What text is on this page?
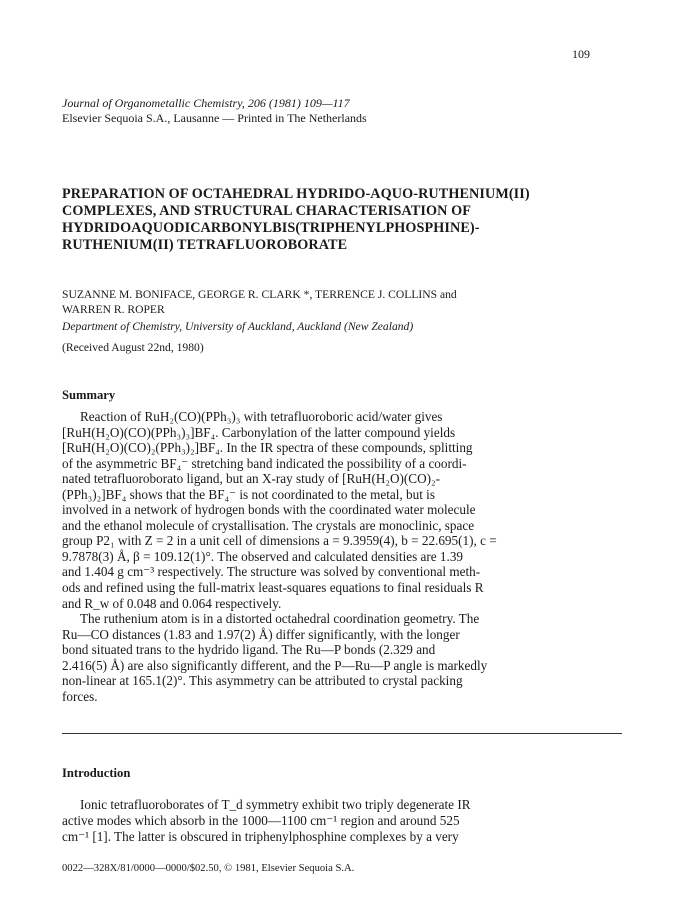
109
Journal of Organometallic Chemistry, 206 (1981) 109—117
Elsevier Sequoia S.A., Lausanne — Printed in The Netherlands
PREPARATION OF OCTAHEDRAL HYDRIDO-AQUO-RUTHENIUM(II)
COMPLEXES, AND STRUCTURAL CHARACTERISATION OF
HYDRIDOAQUODICARBONYLBIS(TRIPHENYLPHOSPHINE)-
RUTHENIUM(II) TETRAFLUOROBORATE
SUZANNE M. BONIFACE, GEORGE R. CLARK *, TERRENCE J. COLLINS and
WARREN R. ROPER
Department of Chemistry, University of Auckland, Auckland (New Zealand)
(Received August 22nd, 1980)
Summary
Reaction of RuH₂(CO)(PPh₃)₃ with tetrafluoroboric acid/water gives
[RuH(H₂O)(CO)(PPh₃)₃]BF₄. Carbonylation of the latter compound yields
[RuH(H₂O)(CO)₂(PPh₃)₂]BF₄. In the IR spectra of these compounds, splitting
of the asymmetric BF₄⁻ stretching band indicated the possibility of a coordi-
nated tetrafluoroborato ligand, but an X-ray study of [RuH(H₂O)(CO)₂-
(PPh₃)₂]BF₄ shows that the BF₄⁻ is not coordinated to the metal, but is
involved in a network of hydrogen bonds with the coordinated water molecule
and the ethanol molecule of crystallisation. The crystals are monoclinic, space
group P2₁ with Z = 2 in a unit cell of dimensions a = 9.3959(4), b = 22.695(1), c =
9.7878(3) Å, β = 109.12(1)°. The observed and calculated densities are 1.39
and 1.404 g cm⁻³ respectively. The structure was solved by conventional meth-
ods and refined using the full-matrix least-squares equations to final residuals R
and R_w of 0.048 and 0.064 respectively.
The ruthenium atom is in a distorted octahedral coordination geometry. The
Ru—CO distances (1.83 and 1.97(2) Å) differ significantly, with the longer
bond situated trans to the hydrido ligand. The Ru—P bonds (2.329 and
2.416(5) Å) are also significantly different, and the P—Ru—P angle is markedly
non-linear at 165.1(2)°. This asymmetry can be attributed to crystal packing
forces.
Introduction
Ionic tetrafluoroborates of T_d symmetry exhibit two triply degenerate IR
active modes which absorb in the 1000—1100 cm⁻¹ region and around 525
cm⁻¹ [1]. The latter is obscured in triphenylphosphine complexes by a very
0022—328X/81/0000—0000/$02.50, © 1981, Elsevier Sequoia S.A.
